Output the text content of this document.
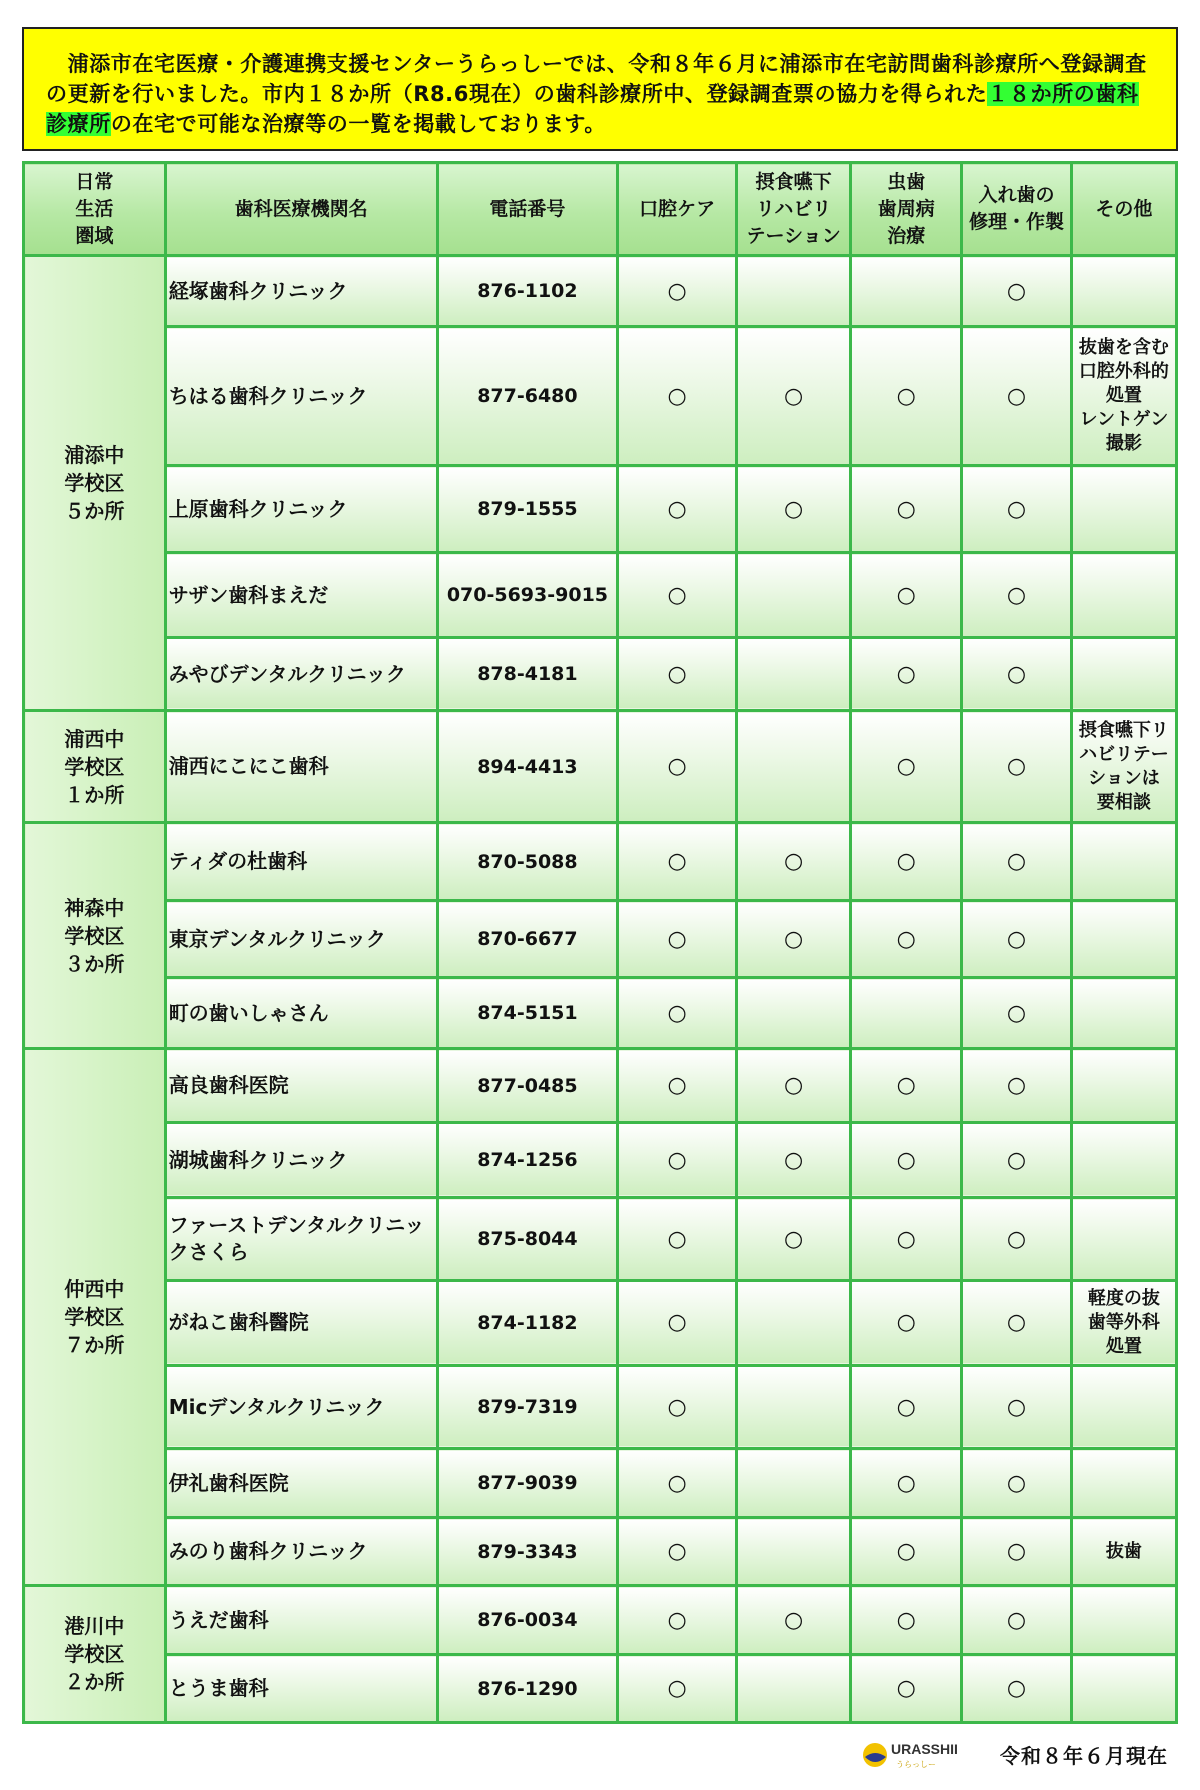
　浦添市在宅医療・介護連携支援センターうらっしーでは、令和８年６月に浦添市在宅訪問歯科診療所へ登録調査の更新を行いました。市内１８か所（R8.6現在）の歯科診療所中、登録調査票の協力を得られた１８か所の歯科診療所の在宅で可能な治療等の一覧を掲載しております。
日常
生活
圏域	歯科医療機関名	電話番号	口腔ケア	摂食嚥下
リハビリ
テーション	虫歯
歯周病
治療	入れ歯の
修理・作製	その他
浦添中
学校区
５か所	経塚歯科クリニック	876-1102	○			○	
	ちはる歯科クリニック	877-6480	○	○	○	○	抜歯を含む
口腔外科的
処置
レントゲン
撮影
	上原歯科クリニック	879-1555	○	○	○	○	
	サザン歯科まえだ	070-5693-9015	○		○	○	
	みやびデンタルクリニック	878-4181	○		○	○	
浦西中
学校区
１か所	浦西にこにこ歯科	894-4413	○		○	○	摂食嚥下リ
ハビリテー
ションは
要相談
神森中
学校区
３か所	ティダの杜歯科	870-5088	○	○	○	○	
	東京デンタルクリニック	870-6677	○	○	○	○	
	町の歯いしゃさん	874-5151	○			○	
仲西中
学校区
７か所	高良歯科医院	877-0485	○	○	○	○	
	湖城歯科クリニック	874-1256	○	○	○	○	
	ファーストデンタルクリニッ
クさくら	875-8044	○	○	○	○	
	がねこ歯科醫院	874-1182	○		○	○	軽度の抜
歯等外科
処置
	Micデンタルクリニック	879-7319	○		○	○	
	伊礼歯科医院	877-9039	○		○	○	
	みのり歯科クリニック	879-3343	○		○	○	抜歯
港川中
学校区
２か所	うえだ歯科	876-0034	○	○	○	○	
	とうま歯科	876-1290	○		○	○	
URASSHII
うらっしー	令和８年６月現在
